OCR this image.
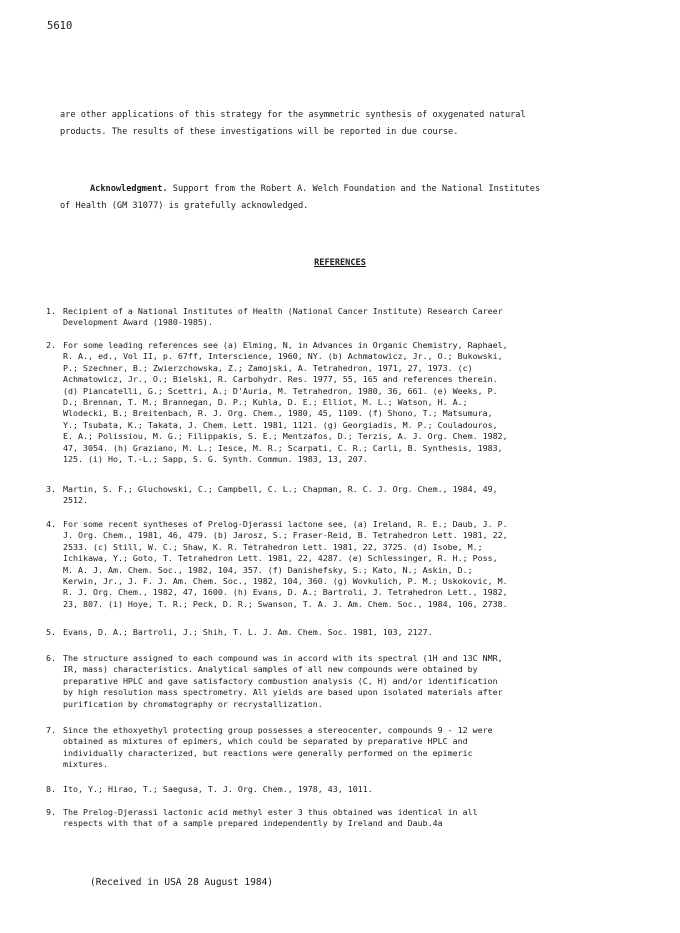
5610

are other applications of this strategy for the asymmetric synthesis of oxygenated natural

products. The results of these investigations will be reported in due course.

Acknowledgment. Support from the Robert A. Welch Foundation and the National Institutes

of Health (GM 31077) is gratefully acknowledged.

REFERENCES
1. Recipient of a National Institutes of Health (National Cancer Institute) Research Career

Development Award (1980-1985).

2. For some leading references see (a) Elming, N, in Advances in Organic Chemistry, Raphael,

R. A., ed., Vol II, p. 67ff, Interscience, 1960, NY. (b) Achmatowicz, Jr., O.; Bukowski,

P.; Szechner, B.; Zwierzchowska, Z.; Zamojski, A. Tetrahedron, 1971, 27, 1973. (c)

Achmatowicz, Jr., O.; Bielski, R. Carbohydr. Res. 1977, 55, 165 and references therein.

(d) Piancatelli, G.; Scettri, A.; D'Auria, M. Tetrahedron, 1980, 36, 661. (e) Weeks, P.

D.; Brennan, T. M.; Brannegan, D. P.; Kuhla, D. E.; Elliot, M. L.; Watson, H. A.;

Wlodecki, B.; Breitenbach, R. J. Org. Chem., 1980, 45, 1109. (f) Shono, T.; Matsumura,

Y.; Tsubata, K.; Takata, J. Chem. Lett. 1981, 1121. (g) Georgiadis, M. P.; Couladouros,

E. A.; Polissiou, M. G.; Filippakis, S. E.; Mentzafos, D.; Terzis, A. J. Org. Chem. 1982,

47, 3054. (h) Graziano, M. L.; Iesce, M. R.; Scarpati, C. R.; Carli, B. Synthesis, 1983,

125. (i) Ho, T.-L.; Sapp, S. G. Synth. Commun. 1983, 13, 207.

3. Martin, S. F.; Gluchowski, C.; Campbell, C. L.; Chapman, R. C. J. Org. Chem., 1984, 49,

2512.

4. For some recent syntheses of Prelog-Djerassi lactone see, (a) Ireland, R. E.; Daub, J. P.

J. Org. Chem., 1981, 46, 479. (b) Jarosz, S.; Fraser-Reid, B. Tetrahedron Lett. 1981, 22,

2533. (c) Still, W. C.; Shaw, K. R. Tetrahedron Lett. 1981, 22, 3725. (d) Isobe, M.;

Ichikawa, Y.; Goto, T. Tetrahedron Lett. 1981, 22, 4287. (e) Schlessinger, R. H.; Poss,

M. A. J. Am. Chem. Soc., 1982, 104, 357. (f) Danishefsky, S.; Kato, N.; Askin, D.;

Kerwin, Jr., J. F. J. Am. Chem. Soc., 1982, 104, 360. (g) Wovkulich, P. M.; Uskokovic, M.

R. J. Org. Chem., 1982, 47, 1600. (h) Evans, D. A.; Bartroli, J. Tetrahedron Lett., 1982,

23, 807. (i) Hoye, T. R.; Peck, D. R.; Swanson, T. A. J. Am. Chem. Soc., 1984, 106, 2738.

5. Evans, D. A.; Bartroli, J.; Shih, T. L. J. Am. Chem. Soc. 1981, 103, 2127.

6. The structure assigned to each compound was in accord with its spectral (1H and 13C NMR,

IR, mass) characteristics. Analytical samples of all new compounds were obtained by

preparative HPLC and gave satisfactory combustion analysis (C, H) and/or identification

by high resolution mass spectrometry. All yields are based upon isolated materials after

purification by chromatography or recrystallization.

7. Since the ethoxyethyl protecting group possesses a stereocenter, compounds 9 - 12 were

obtained as mixtures of epimers, which could be separated by preparative HPLC and

individually characterized, but reactions were generally performed on the epimeric

mixtures.

8. Ito, Y.; Hirao, T.; Saegusa, T. J. Org. Chem., 1978, 43, 1011.

9. The Prelog-Djerassi lactonic acid methyl ester 3 thus obtained was identical in all

respects with that of a sample prepared independently by Ireland and Daub.4a

(Received in USA 28 August 1984)
